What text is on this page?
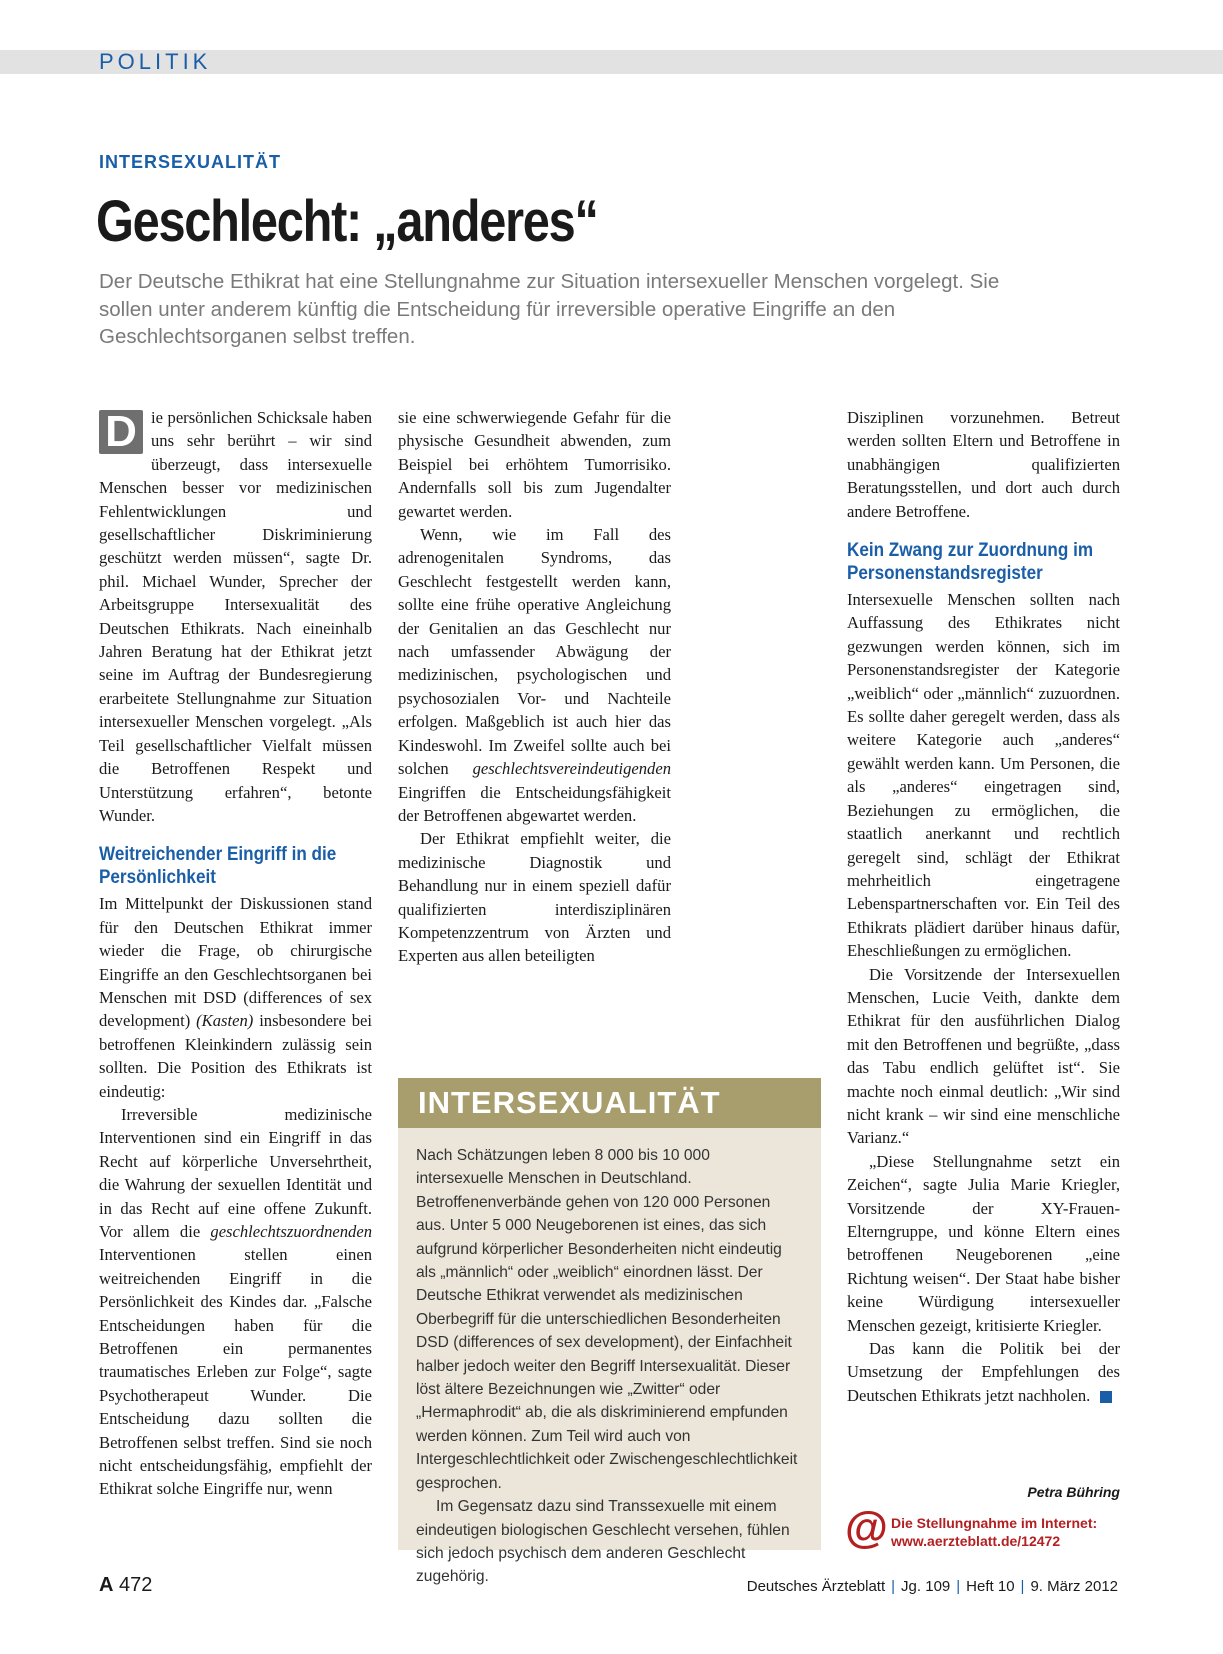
POLITIK
INTERSEXUALITÄT
Geschlecht: „anderes“
Der Deutsche Ethikrat hat eine Stellungnahme zur Situation intersexueller Menschen vorgelegt. Sie sollen unter anderem künftig die Entscheidung für irreversible operative Eingriffe an den Geschlechtsorganen selbst treffen.

D ie persönlichen Schicksale haben uns sehr berührt – wir sind überzeugt, dass intersexuelle Menschen besser vor medizinischen Fehlentwicklungen und gesellschaftlicher Diskriminierung geschützt werden müssen“, sagte Dr. phil. Michael Wunder, Sprecher der Arbeitsgruppe Intersexualität des Deutschen Ethikrats. Nach eineinhalb Jahren Beratung hat der Ethikrat jetzt seine im Auftrag der Bundesregierung erarbeitete Stellungnahme zur Situation intersexueller Menschen vorgelegt. „Als Teil gesellschaftlicher Vielfalt müssen die Betroffenen Respekt und Unterstützung erfahren“, betonte Wunder.

Weitreichender Eingriff in die Persönlichkeit

Im Mittelpunkt der Diskussionen stand für den Deutschen Ethikrat immer wieder die Frage, ob chirurgische Eingriffe an den Geschlechtsorganen bei Menschen mit DSD (differences of sex development) (Kasten) insbesondere bei betroffenen Kleinkindern zulässig sein sollten. Die Position des Ethikrats ist eindeutig:

Irreversible medizinische Interventionen sind ein Eingriff in das Recht auf körperliche Unversehrtheit, die Wahrung der sexuellen Identität und in das Recht auf eine offene Zukunft. Vor allem die geschlechtszuordnenden Interventionen stellen einen weitreichenden Eingriff in die Persönlichkeit des Kindes dar. „Falsche Entscheidungen haben für die Betroffenen ein permanentes traumatisches Erleben zur Folge“, sagte Psychotherapeut Wunder. Die Entscheidung dazu sollten die Betroffenen selbst treffen. Sind sie noch nicht entscheidungsfähig, empfiehlt der Ethikrat solche Eingriffe nur, wenn

sie eine schwerwiegende Gefahr für die physische Gesundheit abwenden, zum Beispiel bei erhöhtem Tumorrisiko. Andernfalls soll bis zum Jugendalter gewartet werden.

Wenn, wie im Fall des adrenogenitalen Syndroms, das Geschlecht festgestellt werden kann, sollte eine frühe operative Angleichung der Genitalien an das Geschlecht nur nach umfassender Abwägung der medizinischen, psychologischen und psychosozialen Vor- und Nachteile erfolgen. Maßgeblich ist auch hier das Kindeswohl. Im Zweifel sollte auch bei solchen geschlechtsvereindeutigenden Eingriffen die Entscheidungsfähigkeit der Betroffenen abgewartet werden.

Der Ethikrat empfiehlt weiter, die medizinische Diagnostik und Behandlung nur in einem speziell dafür qualifizierten interdisziplinären Kompetenzzentrum von Ärzten und Experten aus allen beteiligten

INTERSEXUALITÄT

Nach Schätzungen leben 8 000 bis 10 000 intersexuelle Menschen in Deutschland. Betroffenenverbände gehen von 120 000 Personen aus. Unter 5 000 Neugeborenen ist eines, das sich aufgrund körperlicher Besonderheiten nicht eindeutig als „männlich“ oder „weiblich“ einordnen lässt. Der Deutsche Ethikrat verwendet als medizinischen Oberbegriff für die unterschiedlichen Besonderheiten DSD (differences of sex development), der Einfachheit halber jedoch weiter den Begriff Intersexualität. Dieser löst ältere Bezeichnungen wie „Zwitter“ oder „Hermaphrodit“ ab, die als diskriminierend empfunden werden können. Zum Teil wird auch von Intergeschlechtlichkeit oder Zwischengeschlechtlichkeit gesprochen.

Im Gegensatz dazu sind Transsexuelle mit einem eindeutigen biologischen Geschlecht versehen, fühlen sich jedoch psychisch dem anderen Geschlecht zugehörig.

Disziplinen vorzunehmen. Betreut werden sollten Eltern und Betroffene in unabhängigen qualifizierten Beratungsstellen, und dort auch durch andere Betroffene.

Kein Zwang zur Zuordnung im Personenstandsregister

Intersexuelle Menschen sollten nach Auffassung des Ethikrates nicht gezwungen werden können, sich im Personenstandsregister der Kategorie „weiblich“ oder „männlich“ zuzuordnen. Es sollte daher geregelt werden, dass als weitere Kategorie auch „anderes“ gewählt werden kann. Um Personen, die als „anderes“ eingetragen sind, Beziehungen zu ermöglichen, die staatlich anerkannt und rechtlich geregelt sind, schlägt der Ethikrat mehrheitlich eingetragene Lebenspartnerschaften vor. Ein Teil des Ethikrats plädiert darüber hinaus dafür, Eheschließungen zu ermöglichen.

Die Vorsitzende der Intersexuellen Menschen, Lucie Veith, dankte dem Ethikrat für den ausführlichen Dialog mit den Betroffenen und begrüßte, „dass das Tabu endlich gelüftet ist“. Sie machte noch einmal deutlich: „Wir sind nicht krank – wir sind eine menschliche Varianz.“

„Diese Stellungnahme setzt ein Zeichen“, sagte Julia Marie Kriegler, Vorsitzende der XY-Frauen-Elterngruppe, und könne Eltern eines betroffenen Neugeborenen „eine Richtung weisen“. Der Staat habe bisher keine Würdigung intersexueller Menschen gezeigt, kritisierte Kriegler.

Das kann die Politik bei der Umsetzung der Empfehlungen des Deutschen Ethikrats jetzt nachholen.

Petra Bühring
@ Die Stellungnahme im Internet:
www.aerzteblatt.de/12472
A 472	Deutsches Ärzteblatt | Jg. 109 | Heft 10 | 9. März 2012
